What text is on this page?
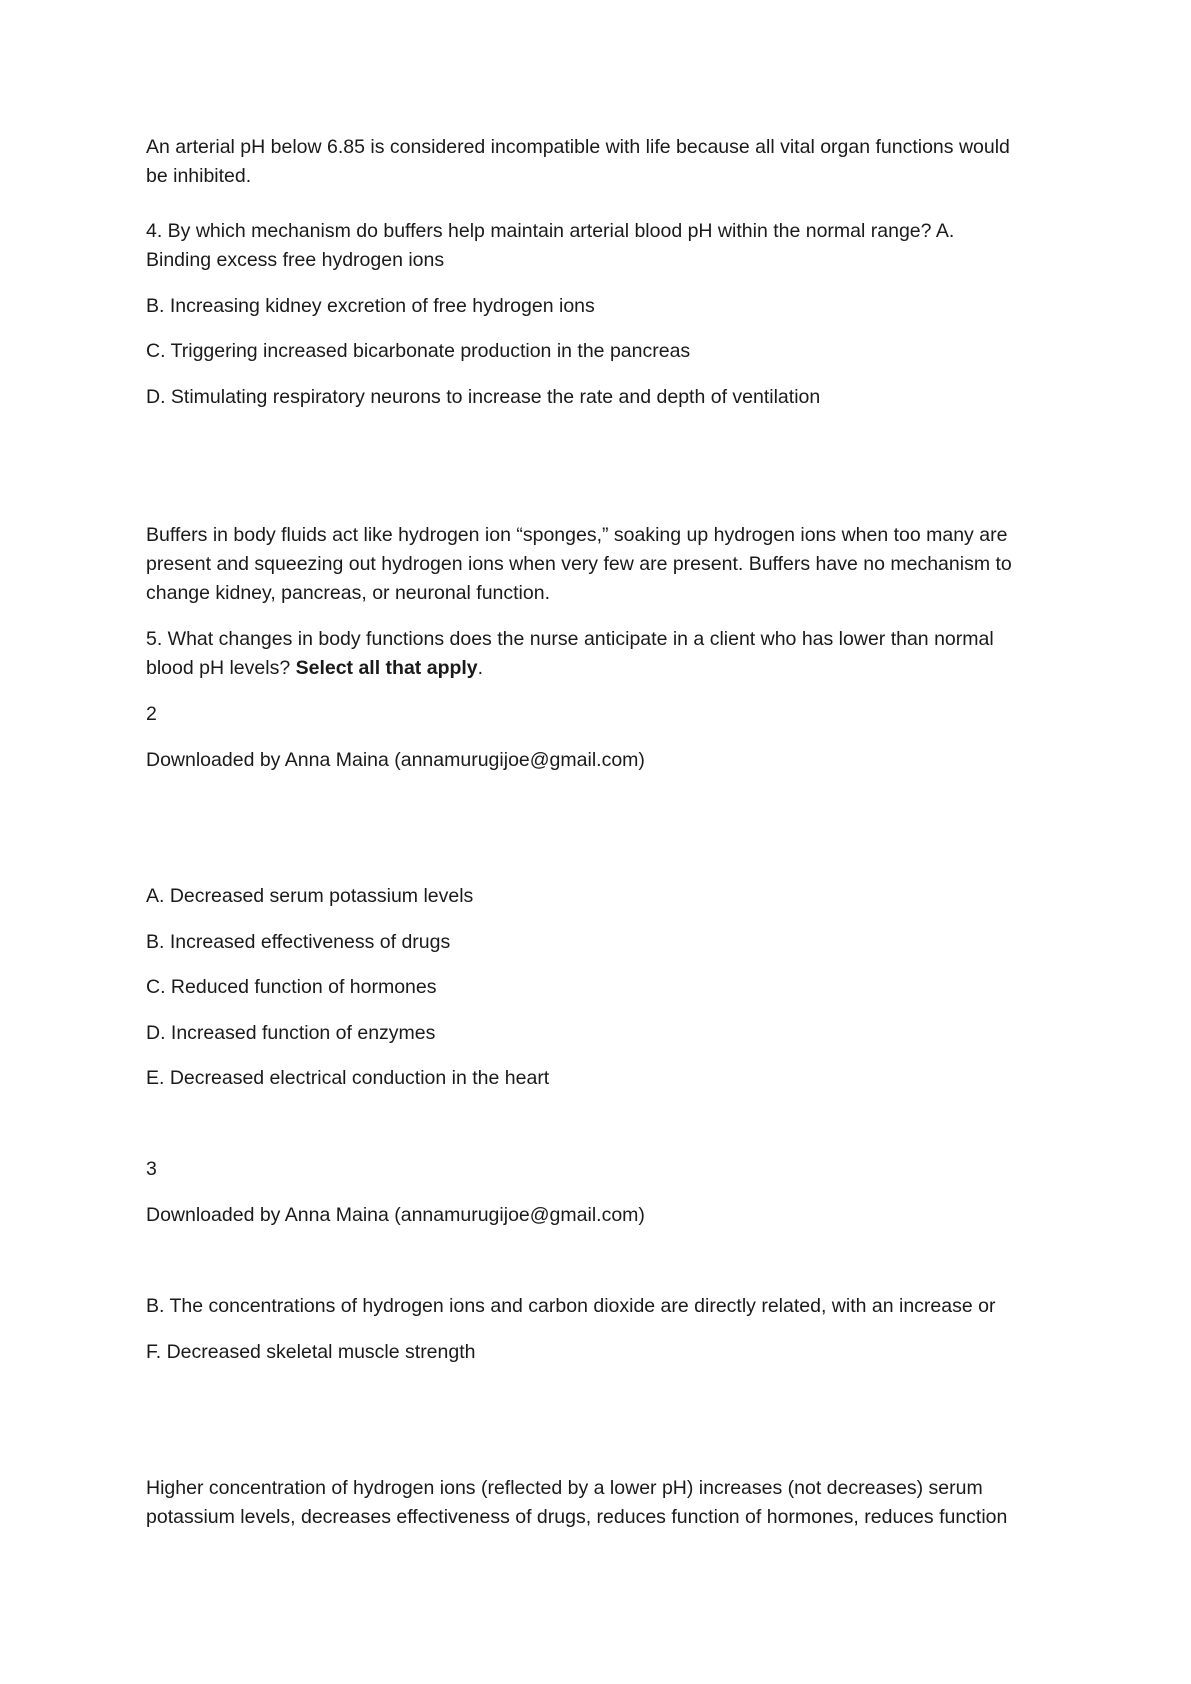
An arterial pH below 6.85 is considered incompatible with life because all vital organ functions would
be inhibited.
4. By which mechanism do buffers help maintain arterial blood pH within the normal range? A.
Binding excess free hydrogen ions
B. Increasing kidney excretion of free hydrogen ions
C. Triggering increased bicarbonate production in the pancreas
D. Stimulating respiratory neurons to increase the rate and depth of ventilation
Buffers in body fluids act like hydrogen ion “sponges,” soaking up hydrogen ions when too many are
present and squeezing out hydrogen ions when very few are present. Buffers have no mechanism to
change kidney, pancreas, or neuronal function.
5. What changes in body functions does the nurse anticipate in a client who has lower than normal
blood pH levels? Select all that apply.
2
Downloaded by Anna Maina (annamurugijoe@gmail.com)
A. Decreased serum potassium levels
B. Increased effectiveness of drugs
C. Reduced function of hormones
D. Increased function of enzymes
E. Decreased electrical conduction in the heart
3
Downloaded by Anna Maina (annamurugijoe@gmail.com)
B. The concentrations of hydrogen ions and carbon dioxide are directly related, with an increase or
F. Decreased skeletal muscle strength
Higher concentration of hydrogen ions (reflected by a lower pH) increases (not decreases) serum
potassium levels, decreases effectiveness of drugs, reduces function of hormones, reduces function
